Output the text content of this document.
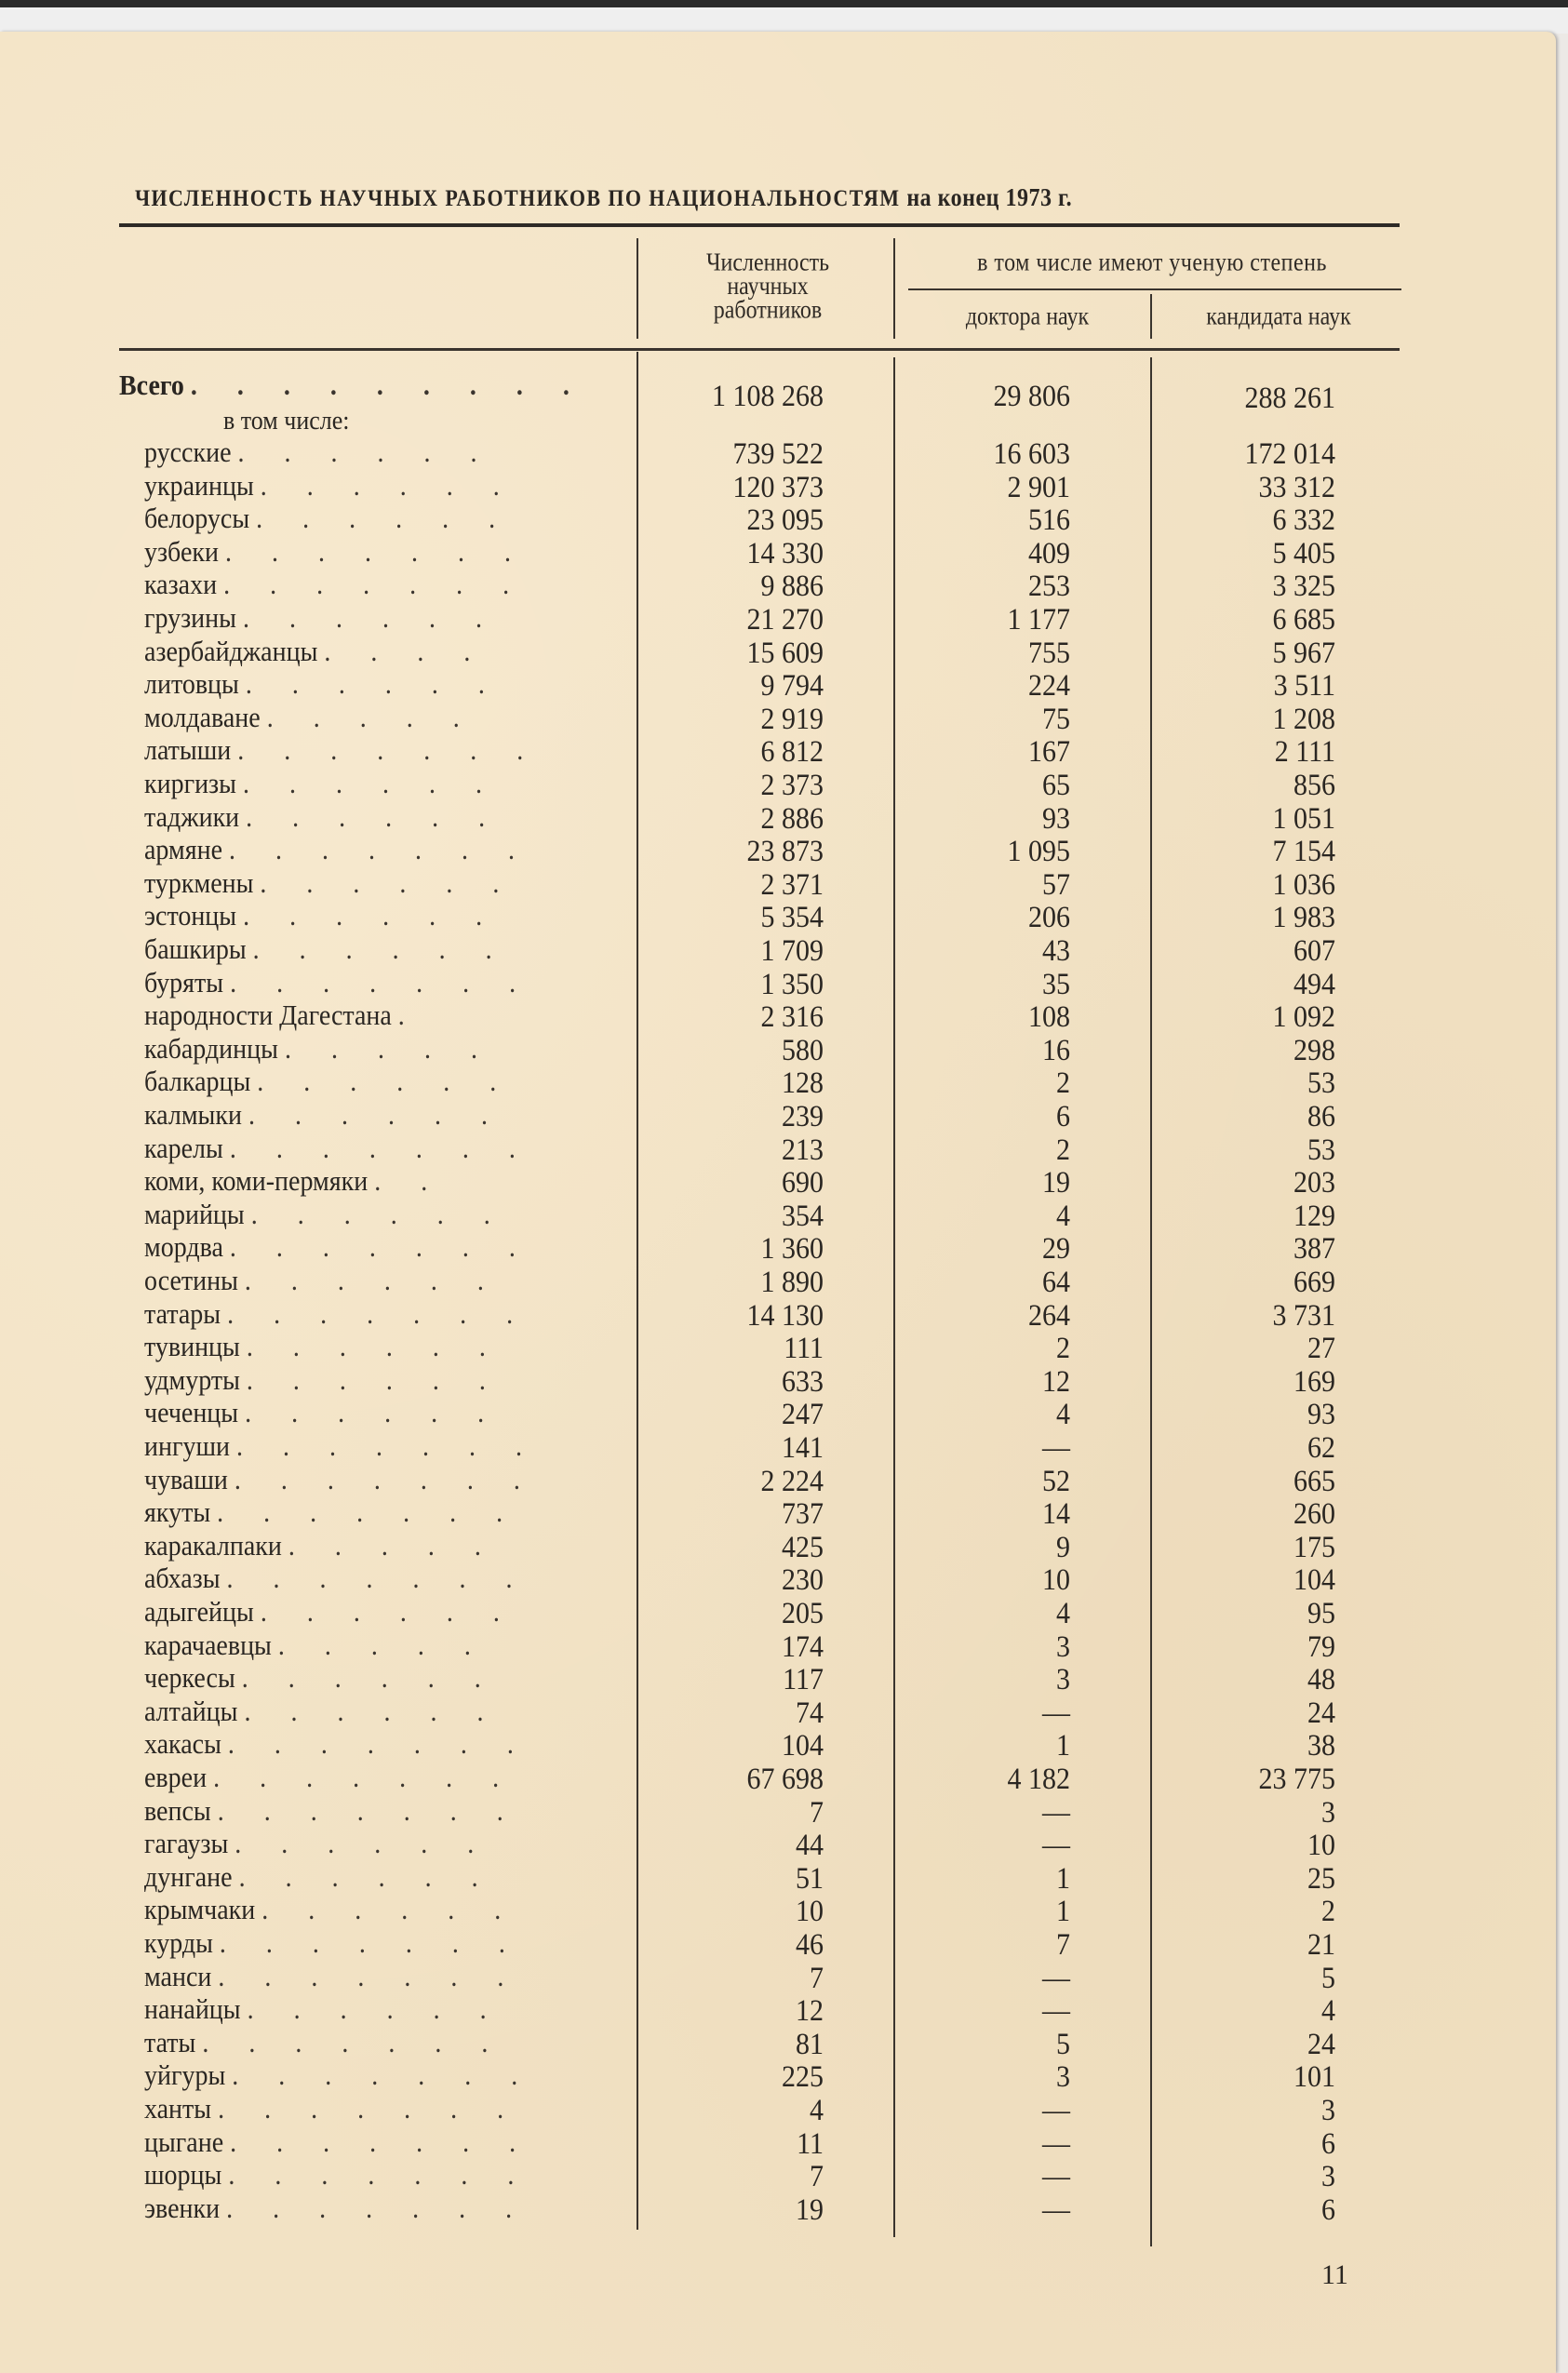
ЧИСЛЕННОСТЬ НАУЧНЫХ РАБОТНИКОВ ПО НАЦИОНАЛЬНОСТЯМ на конец 1973 г.
Численность
научных
работников
в том числе имеют ученую степень
доктора наук	кандидата наук
Всего . . . . . . . . .	1 108 268	29 806	288 261
в том числе:
русские . . . . . .	739 522	16 603	172 014
украинцы . . . . . .	120 373	2 901	33 312
белорусы . . . . . .	23 095	516	6 332
узбеки . . . . . . .	14 330	409	5 405
казахи . . . . . . .	9 886	253	3 325
грузины . . . . . .	21 270	1 177	6 685
азербайджанцы . . . .	15 609	755	5 967
литовцы . . . . . .	9 794	224	3 511
молдаване . . . . .	2 919	75	1 208
латыши . . . . . . .	6 812	167	2 111
киргизы . . . . . .	2 373	65	856
таджики . . . . . .	2 886	93	1 051
армяне . . . . . . .	23 873	1 095	7 154
туркмены . . . . . .	2 371	57	1 036
эстонцы . . . . . .	5 354	206	1 983
башкиры . . . . . .	1 709	43	607
буряты . . . . . . .	1 350	35	494
народности Дагестана .	2 316	108	1 092
кабардинцы . . . . .	580	16	298
балкарцы . . . . . .	128	2	53
калмыки . . . . . .	239	6	86
карелы . . . . . . .	213	2	53
коми, коми-пермяки . .	690	19	203
марийцы . . . . . .	354	4	129
мордва . . . . . . .	1 360	29	387
осетины . . . . . .	1 890	64	669
татары . . . . . . .	14 130	264	3 731
тувинцы . . . . . .	111	2	27
удмурты . . . . . .	633	12	169
чеченцы . . . . . .	247	4	93
ингуши . . . . . . .	141	—	62
чуваши . . . . . . .	2 224	52	665
якуты . . . . . . .	737	14	260
каракалпаки . . . . .	425	9	175
абхазы . . . . . . .	230	10	104
адыгейцы . . . . . .	205	4	95
карачаевцы . . . . .	174	3	79
черкесы . . . . . .	117	3	48
алтайцы . . . . . .	74	—	24
хакасы . . . . . . .	104	1	38
евреи . . . . . . .	67 698	4 182	23 775
вепсы . . . . . . .	7	—	3
гагаузы . . . . . .	44	—	10
дунгане . . . . . .	51	1	25
крымчаки . . . . . .	10	1	2
курды . . . . . . .	46	7	21
манси . . . . . . .	7	—	5
нанайцы . . . . . .	12	—	4
таты . . . . . . .	81	5	24
уйгуры . . . . . . .	225	3	101
ханты . . . . . . .	4	—	3
цыгане . . . . . . .	11	—	6
шорцы . . . . . . .	7	—	3
эвенки . . . . . . .	19	—	6
11
